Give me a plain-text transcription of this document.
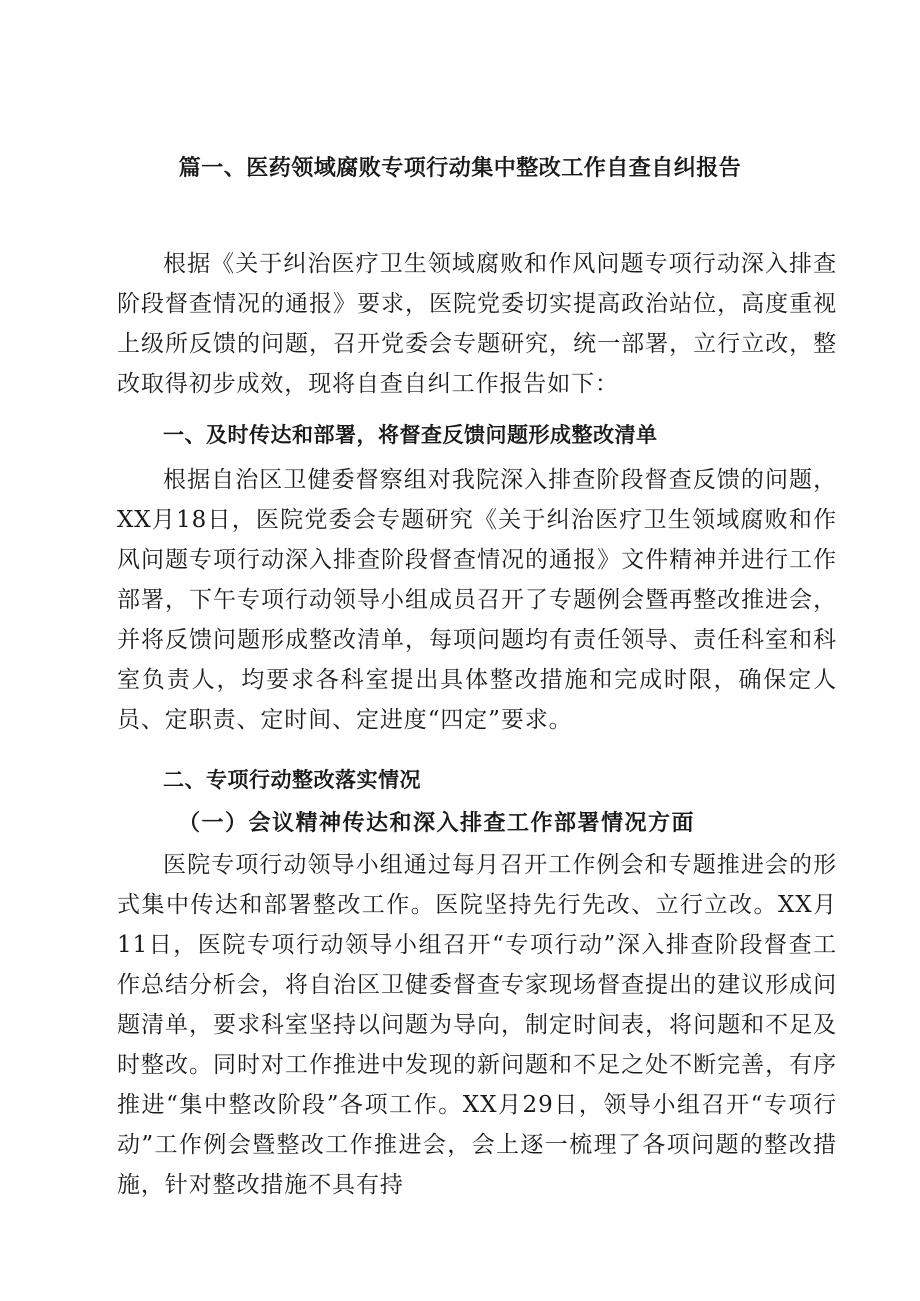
篇一、医药领域腐败专项行动集中整改工作自查自纠报告

根据《关于纠治医疗卫生领域腐败和作风问题专项行动深入排查阶段督查情况的通报》要求，医院党委切实提高政治站位，高度重视上级所反馈的问题，召开党委会专题研究，统一部署，立行立改，整改取得初步成效，现将自查自纠工作报告如下：

一、及时传达和部署，将督查反馈问题形成整改清单

根据自治区卫健委督察组对我院深入排查阶段督查反馈的问题，XX月18日，医院党委会专题研究《关于纠治医疗卫生领域腐败和作风问题专项行动深入排查阶段督查情况的通报》文件精神并进行工作部署，下午专项行动领导小组成员召开了专题例会暨再整改推进会，并将反馈问题形成整改清单，每项问题均有责任领导、责任科室和科室负责人，均要求各科室提出具体整改措施和完成时限，确保定人员、定职责、定时间、定进度“四定”要求。

二、专项行动整改落实情况
（一）会议精神传达和深入排查工作部署情况方面

医院专项行动领导小组通过每月召开工作例会和专题推进会的形式集中传达和部署整改工作。医院坚持先行先改、立行立改。XX月11日，医院专项行动领导小组召开“专项行动”深入排查阶段督查工作总结分析会，将自治区卫健委督查专家现场督查提出的建议形成问题清单，要求科室坚持以问题为导向，制定时间表，将问题和不足及时整改。同时对工作推进中发现的新问题和不足之处不断完善，有序推进“集中整改阶段”各项工作。XX月29日，领导小组召开“专项行动”工作例会暨整改工作推进会，会上逐一梳理了各项问题的整改措施，针对整改措施不具有持
